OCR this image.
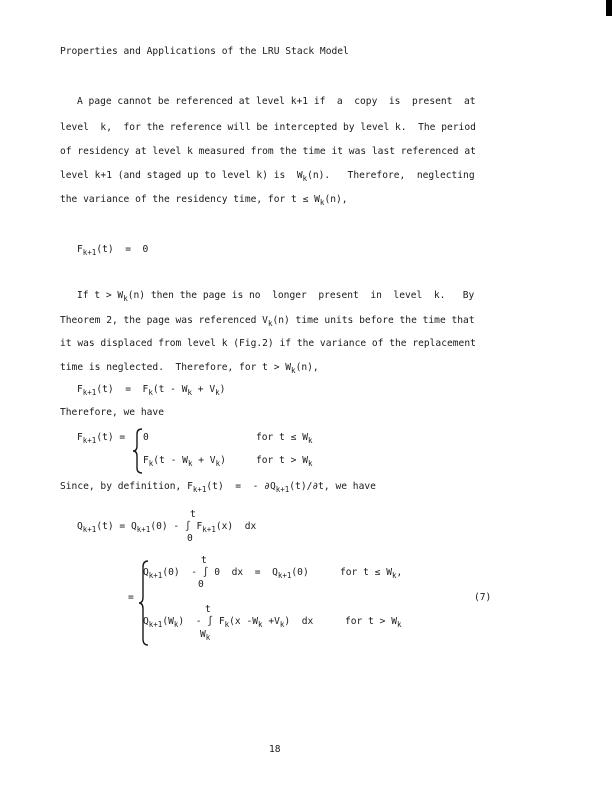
Properties and Applications of the LRU Stack Model
A page cannot be referenced at level k+1 if  a  copy  is  present  at
level  k,  for the reference will be intercepted by level k.  The period
of residency at level k measured from the time it was last referenced at
level k+1 (and staged up to level k) is  $W_k(n)$.   Therefore,  neglecting
the variance of the residency time, for $t \le W_k(n)$,
$F_{k+1}(t) = 0$
If $t > W_k(n)$ then the page is no  longer  present  in  level  k.   By
Theorem 2, the page was referenced $V_k(n)$ time units before the time that
it was displaced from level k (Fig.2) if the variance of the replacement
time is neglected.  Therefore, for $t > W_k(n)$,
$F_{k+1}(t) = F_k(t - W_k + V_k)$
Therefore, we have
$F_{k+1}(t) = 0$	for $t \le W_k$
$F_k(t - W_k + V_k)$	for $t > W_k$
Since, by definition, $F_{k+1}(t)$  =  - $\partial Q_{k+1}(t)/\partial t$, we have
t
$Q_{k+1}(t) = Q_{k+1}(0)$ - ∫ $F_{k+1}(x)$  dx
0
=
t
$Q_{k+1}(0)$  - ∫ 0  dx  =  $Q_{k+1}(0)$
0
for $t \le W_k$,
(7)
t
$Q_{k+1}(W_k)$  - ∫ $F_k(x$ $-W_k +V_k$)  dx
$W_k$
for $t > W_k$
18
